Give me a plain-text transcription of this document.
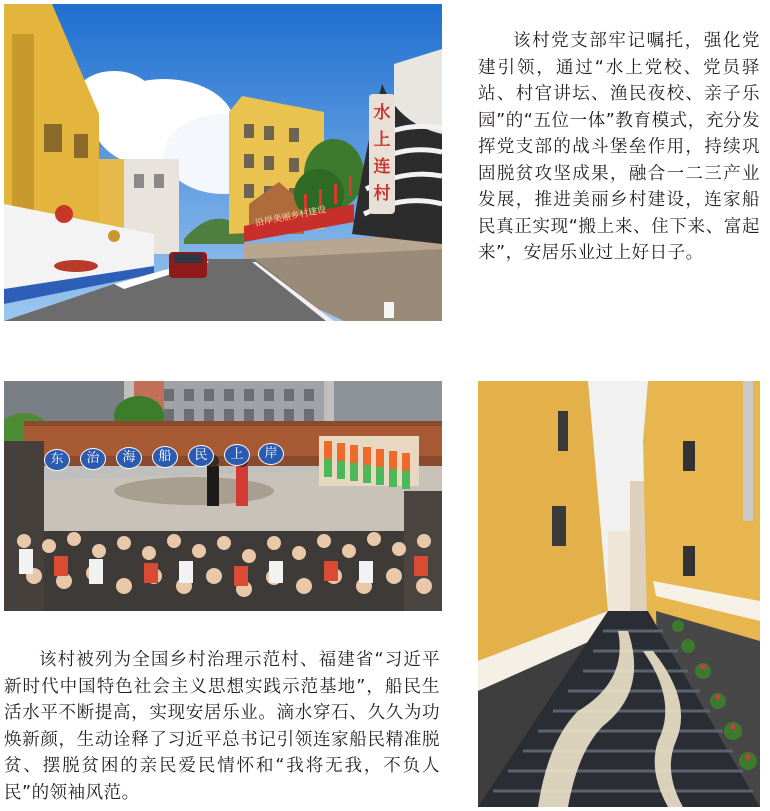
水
上
连
村
沿岸美丽乡村建设

该村党支部牢记嘱托，强化党建引领，通过“水上党校、党员驿站、村官讲坛、渔民夜校、亲子乐园”的“五位一体”教育模式，充分发挥党支部的战斗堡垒作用，持续巩固脱贫攻坚成果，融合一二三产业发展，推进美丽乡村建设，连家船民真正实现“搬上来、住下来、富起来”，安居乐业过上好日子。

东	治	海	船	民	上	岸

该村被列为全国乡村治理示范村、福建省“习近平新时代中国特色社会主义思想实践示范基地”，船民生活水平不断提高，实现安居乐业。滴水穿石、久久为功焕新颜，生动诠释了习近平总书记引领连家船民精准脱贫、摆脱贫困的亲民爱民情怀和“我将无我，不负人民”的领袖风范。
